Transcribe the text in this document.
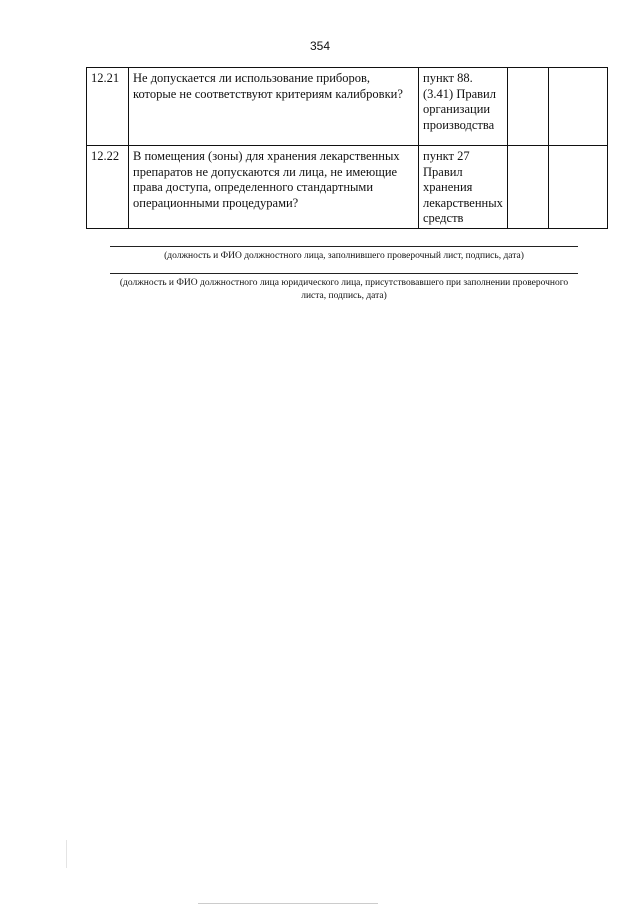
354
12.21	Не допускается ли использование приборов, которые не соответствуют критериям калибровки?	пункт 88. (3.41) Правил организации производства		
12.22	В помещения (зоны) для хранения лекарственных препаратов не допускаются ли лица, не имеющие права доступа, определенного стандартными операционными процедурами?	пункт 27 Правил хранения лекарственных средств		
(должность и ФИО должностного лица, заполнившего проверочный лист, подпись, дата)
(должность и ФИО должностного лица юридического лица, присутствовавшего при заполнении проверочного листа, подпись, дата)
